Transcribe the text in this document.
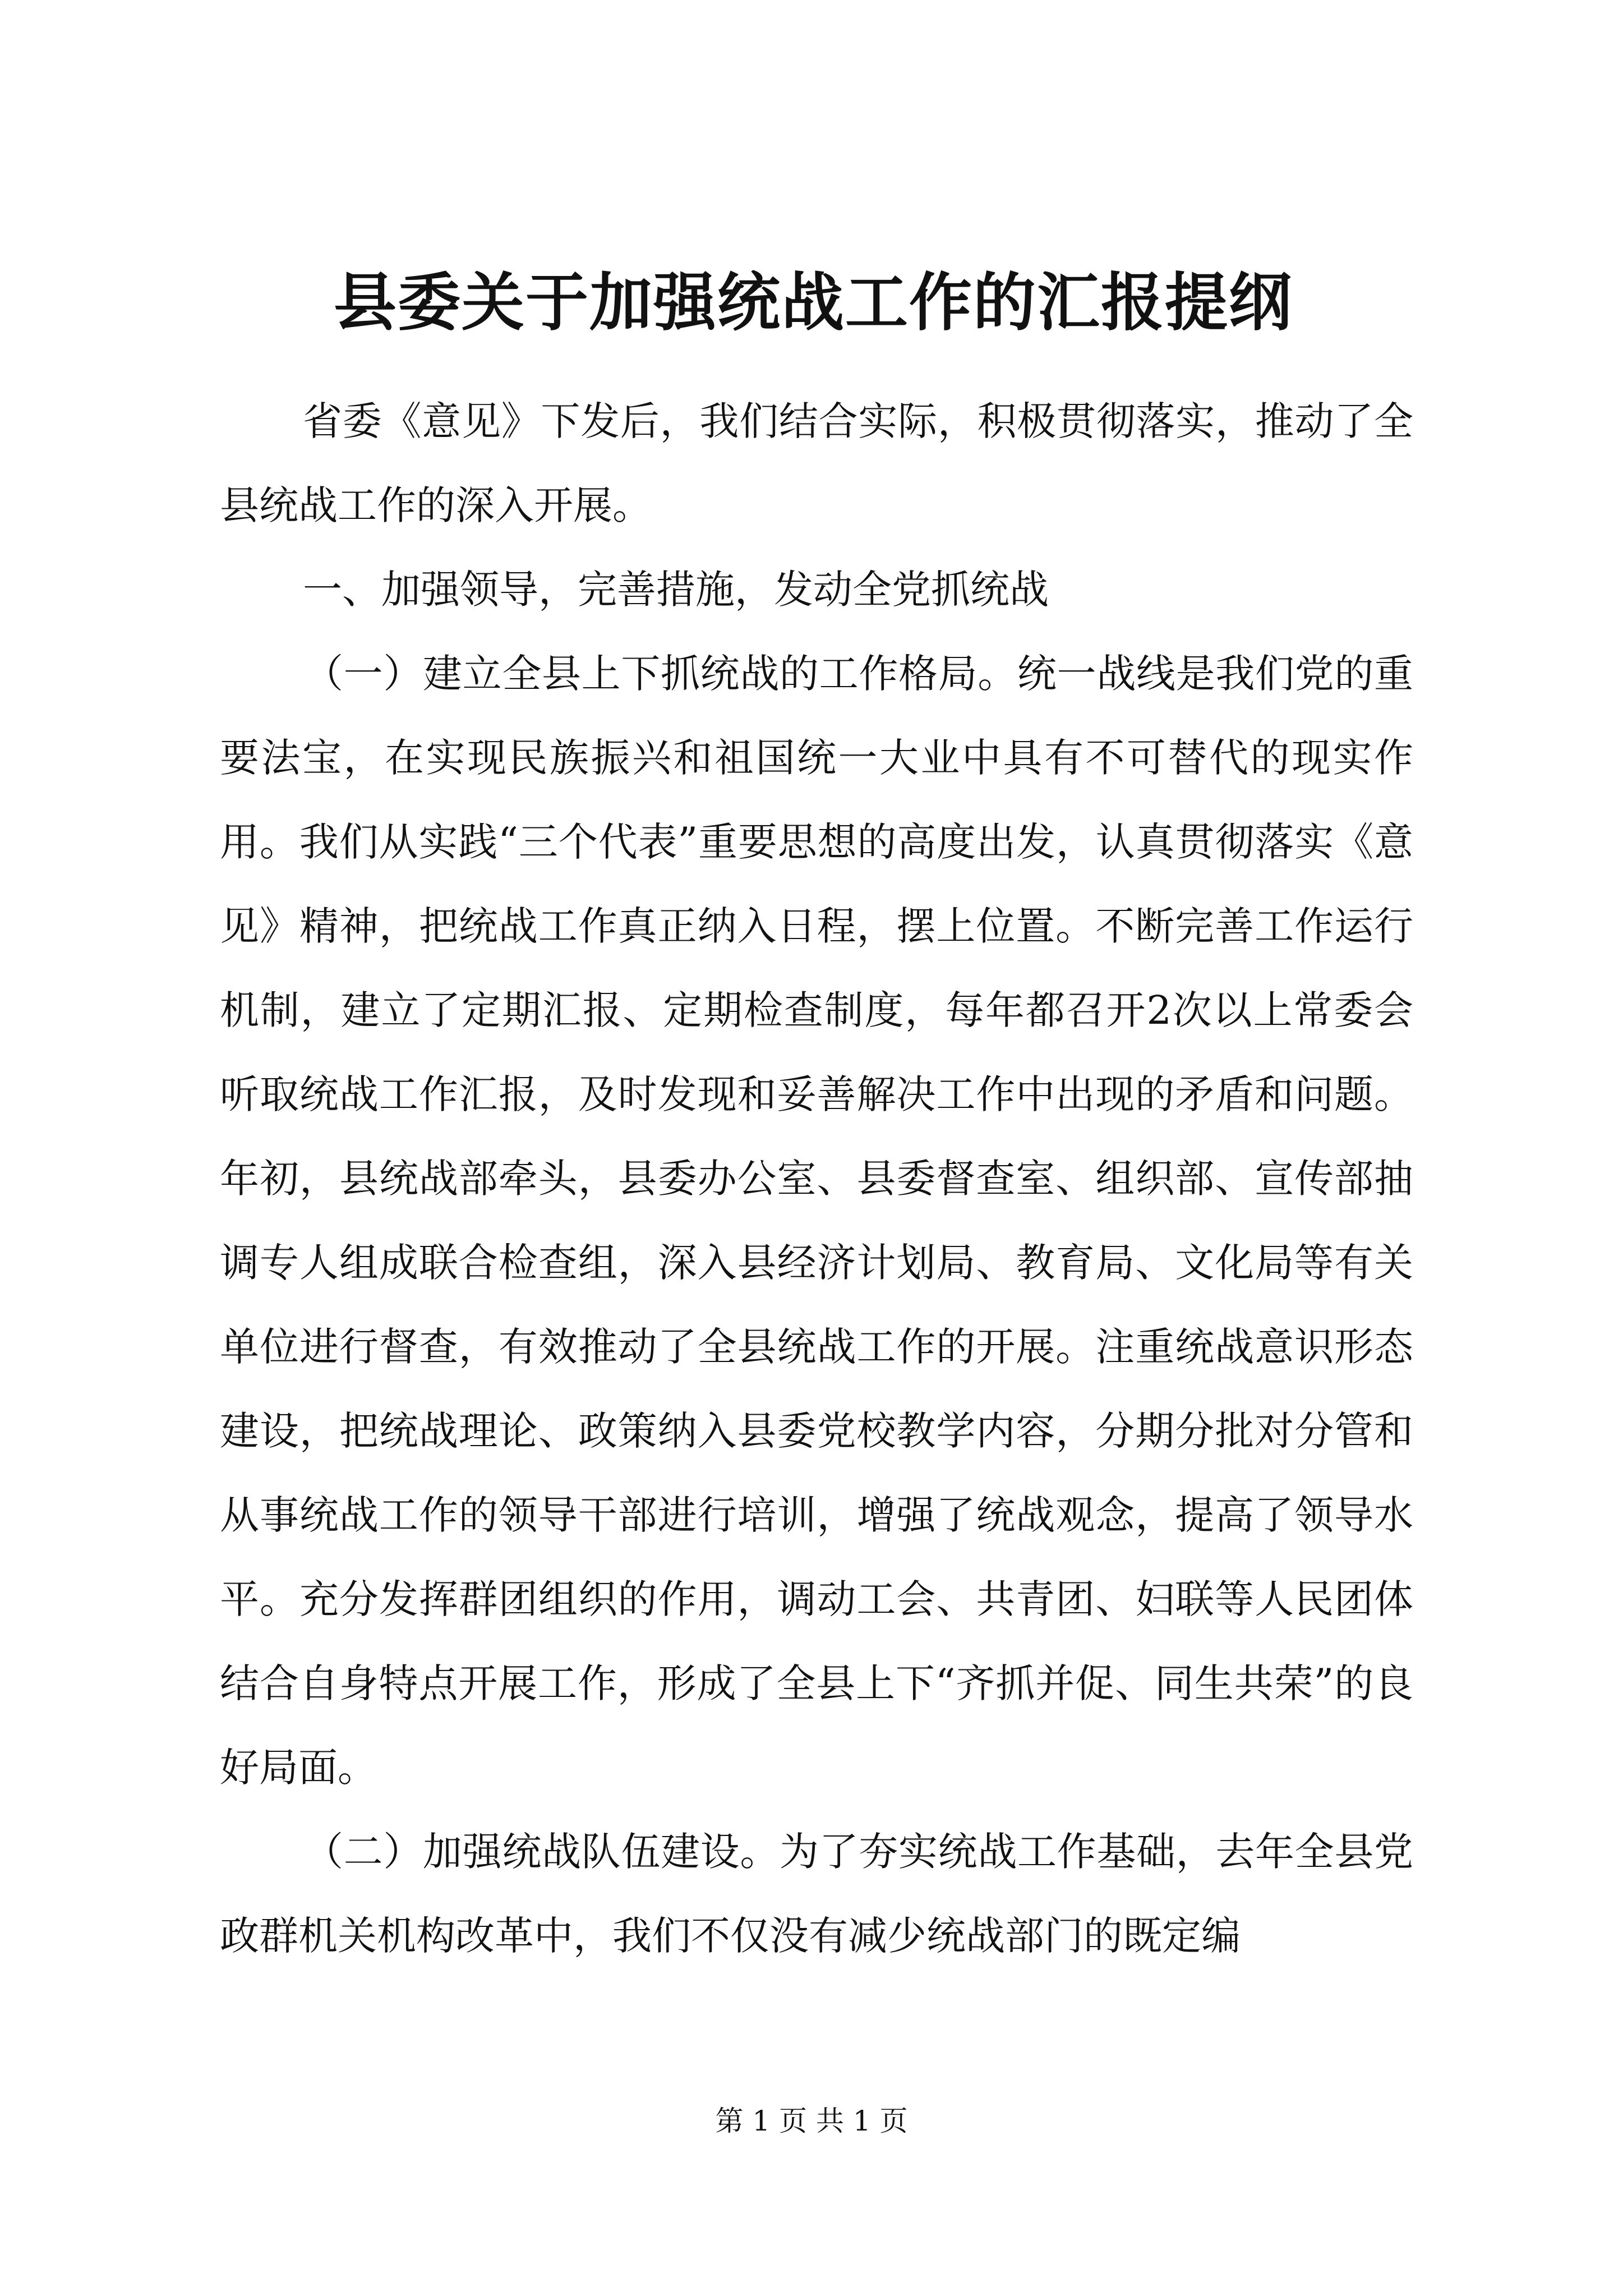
县委关于加强统战工作的汇报提纲

省委《意见》下发后，我们结合实际，积极贯彻落实，推动了全县统战工作的深入开展。

一、加强领导，完善措施，发动全党抓统战

（一）建立全县上下抓统战的工作格局。统一战线是我们党的重要法宝，在实现民族振兴和祖国统一大业中具有不可替代的现实作用。我们从实践“三个代表”重要思想的高度出发，认真贯彻落实《意见》精神，把统战工作真正纳入日程，摆上位置。不断完善工作运行机制，建立了定期汇报、定期检查制度，每年都召开2次以上常委会听取统战工作汇报，及时发现和妥善解决工作中出现的矛盾和问题。年初，县统战部牵头，县委办公室、县委督查室、组织部、宣传部抽调专人组成联合检查组，深入县经济计划局、教育局、文化局等有关单位进行督查，有效推动了全县统战工作的开展。注重统战意识形态建设，把统战理论、政策纳入县委党校教学内容，分期分批对分管和从事统战工作的领导干部进行培训，增强了统战观念，提高了领导水平。充分发挥群团组织的作用，调动工会、共青团、妇联等人民团体结合自身特点开展工作，形成了全县上下“齐抓并促、同生共荣”的良好局面。

（二）加强统战队伍建设。为了夯实统战工作基础，去年全县党政群机关机构改革中，我们不仅没有减少统战部门的既定编

第 1 页 共 1 页
